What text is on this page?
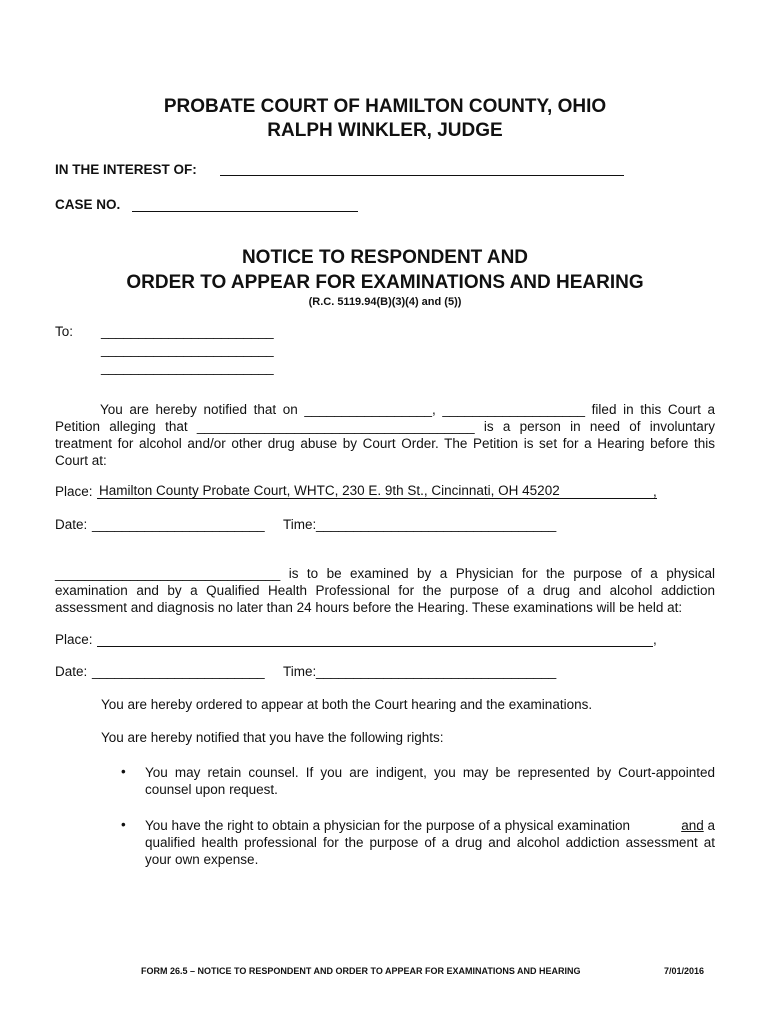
PROBATE COURT OF HAMILTON COUNTY, OHIO
RALPH WINKLER, JUDGE
IN THE INTEREST OF:
CASE NO.
NOTICE TO RESPONDENT AND
ORDER TO APPEAR FOR EXAMINATIONS AND HEARING
(R.C. 5119.94(B)(3)(4) and (5))
To: _______________________
_______________________
_______________________
You are hereby notified that on _________________, ___________________ filed in this Court a
Petition alleging that _____________________________________ is a person in need of involuntary
treatment for alcohol and/or other drug abuse by Court Order. The Petition is set for a Hearing before this
Court at:
Place: Hamilton County Probate Court, WHTC, 230 E. 9th St., Cincinnati, OH 45202	,
Date: _______________________ Time: ________________________________
______________________________ is to be examined by a Physician for the purpose of a physical
examination and by a Qualified Health Professional for the purpose of a drug and alcohol addiction
assessment and diagnosis no later than 24 hours before the Hearing. These examinations will be held at:
Place:	,
Date: _______________________ Time: ________________________________
You are hereby ordered to appear at both the Court hearing and the examinations.
You are hereby notified that you have the following rights:
• You may retain counsel. If you are indigent, you may be represented by Court-appointed
counsel upon request.
• You have the right to obtain a physician for the purpose of a physical examination	and a
qualified health professional for the purpose of a drug and alcohol addiction assessment at
your own expense.
FORM 26.5 – NOTICE TO RESPONDENT AND ORDER TO APPEAR FOR EXAMINATIONS AND HEARING	7/01/2016
